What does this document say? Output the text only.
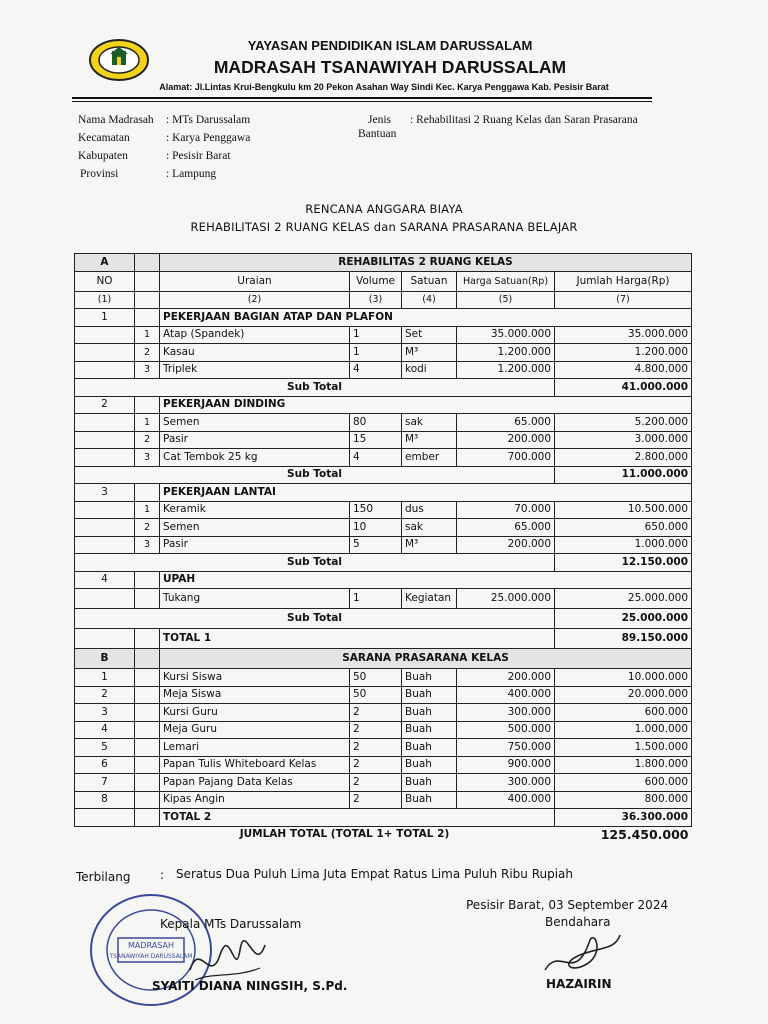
YAYASAN PENDIDIKAN ISLAM DARUSSALAM
MADRASAH TSANAWIYAH DARUSSALAM
Alamat: Jl.Lintas Krui-Bengkulu km 20 Pekon Asahan Way Sindi Kec. Karya Penggawa Kab. Pesisir Barat
Nama Madrasah : MTs Darussalam
Kecamatan	: Karya Penggawa
Kabupaten	: Pesisir Barat
Provinsi	: Lampung
Jenis
Bantuan
: Rehabilitasi 2 Ruang Kelas dan Saran Prasarana
RENCANA ANGGARA BIAYA
REHABILITASI 2 RUANG KELAS dan SARANA PRASARANA BELAJAR
A		REHABILITAS 2 RUANG KELAS				
NO		Uraian	Volume	Satuan	Harga Satuan(Rp)	Jumlah Harga(Rp)
(1)		(2)	(3)	(4)	(5)	(7)
1		PEKERJAAN BAGIAN ATAP DAN PLAFON				
	1	Atap (Spandek)	1	Set	35.000.000	35.000.000
	2	Kasau	1	M³	1.200.000	1.200.000
	3	Triplek	4	kodi	1.200.000	4.800.000
Sub Total						41.000.000
2		PEKERJAAN DINDING				
	1	Semen	80	sak	65.000	5.200.000
	2	Pasir	15	M³	200.000	3.000.000
	3	Cat Tembok 25 kg	4	ember	700.000	2.800.000
Sub Total						11.000.000
3		PEKERJAAN LANTAI				
	1	Keramik	150	dus	70.000	10.500.000
	2	Semen	10	sak	65.000	650.000
	3	Pasir	5	M³	200.000	1.000.000
Sub Total						12.150.000
4		UPAH				
		Tukang	1	Kegiatan	25.000.000	25.000.000
Sub Total						25.000.000
		TOTAL 1				89.150.000
B		SARANA PRASARANA KELAS				
1		Kursi Siswa	50	Buah	200.000	10.000.000
2		Meja Siswa	50	Buah	400.000	20.000.000
3		Kursi Guru	2	Buah	300.000	600.000
4		Meja Guru	2	Buah	500.000	1.000.000
5		Lemari	2	Buah	750.000	1.500.000
6		Papan Tulis Whiteboard Kelas	2	Buah	900.000	1.800.000
7		Papan Pajang Data Kelas	2	Buah	300.000	600.000
8		Kipas Angin	2	Buah	400.000	800.000
		TOTAL 2				36.300.000
	JUMLAH TOTAL (TOTAL 1+ TOTAL 2)					125.450.000
Terbilang : Seratus Dua Puluh Lima Juta Empat Ratus Lima Puluh Ribu Rupiah
MADRASAH
TSANAWIYAH DARUSSALAM
Kepala MTs Darussalam
SYAITI DIANA NINGSIH, S.Pd.
Pesisir Barat, 03 September 2024
Bendahara
HAZAIRIN
